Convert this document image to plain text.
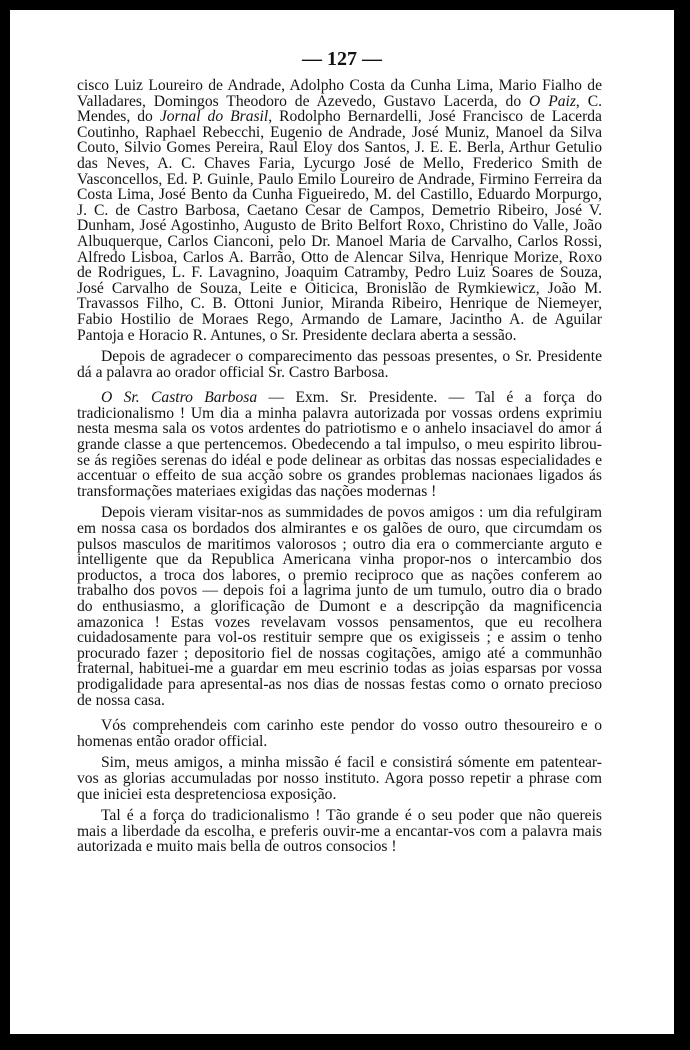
— 127 —

cisco Luiz Loureiro de Andrade, Adolpho Costa da Cunha Lima, Mario Fialho de Valladares, Domingos Theodoro de Azevedo, Gustavo Lacerda, do O Paiz, C. Mendes, do Jornal do Brasil, Rodolpho Bernardelli, José Francisco de Lacerda Coutinho, Raphael Rebecchi, Eugenio de Andrade, José Muniz, Manoel da Silva Couto, Silvio Gomes Pereira, Raul Eloy dos Santos, J. E. E. Berla, Arthur Getulio das Neves, A. C. Chaves Faria, Lycurgo José de Mello, Frederico Smith de Vasconcellos, Ed. P. Guinle, Paulo Emilo Loureiro de Andrade, Firmino Ferreira da Costa Lima, José Bento da Cunha Figueiredo, M. del Castillo, Eduardo Morpurgo, J. C. de Castro Barbosa, Caetano Cesar de Campos, Demetrio Ribeiro, José V. Dunham, José Agostinho, Augusto de Brito Belfort Roxo, Christino do Valle, João Albuquerque, Carlos Cianconi, pelo Dr. Manoel Maria de Carvalho, Carlos Rossi, Alfredo Lisboa, Carlos A. Barrão, Otto de Alencar Silva, Henrique Morize, Roxo de Rodrigues, L. F. Lavagnino, Joaquim Catramby, Pedro Luiz Soares de Souza, José Carvalho de Souza, Leite e Oiticica, Bronislão de Rymkiewicz, João M. Travassos Filho, C. B. Ottoni Junior, Miranda Ribeiro, Henrique de Niemeyer, Fabio Hostilio de Moraes Rego, Armando de Lamare, Jacintho A. de Aguilar Pantoja e Horacio R. Antunes, o Sr. Presidente declara aberta a sessão.

Depois de agradecer o comparecimento das pessoas presentes, o Sr. Presidente dá a palavra ao orador official Sr. Castro Barbosa.

O Sr. Castro Barbosa — Exm. Sr. Presidente. — Tal é a força do tradicionalismo ! Um dia a minha palavra autorizada por vossas ordens exprimiu nesta mesma sala os votos ardentes do patriotismo e o anhelo insaciavel do amor á grande classe a que pertencemos. Obedecendo a tal impulso, o meu espirito librou-se ás regiões serenas do idéal e pode delinear as orbitas das nossas especialidades e accentuar o effeito de sua acção sobre os grandes problemas nacionaes ligados ás transformações materiaes exigidas das nações modernas !

Depois vieram visitar-nos as summidades de povos amigos : um dia refulgiram em nossa casa os bordados dos almirantes e os galões de ouro, que circumdam os pulsos masculos de maritimos valorosos ; outro dia era o commerciante arguto e intelligente que da Republica Americana vinha propor-nos o intercambio dos productos, a troca dos labores, o premio reciproco que as nações conferem ao trabalho dos povos — depois foi a lagrima junto de um tumulo, outro dia o brado do enthusiasmo, a glorificação de Dumont e a descripção da magnificencia amazonica ! Estas vozes revelavam vossos pensamentos, que eu recolhera cuidadosamente para vol-os restituir sempre que os exigisseis ; e assim o tenho procurado fazer ; depositorio fiel de nossas cogitações, amigo até a communhão fraternal, habituei-me a guardar em meu escrinio todas as joias esparsas por vossa prodigalidade para apresental-as nos dias de nossas festas como o ornato precioso de nossa casa.

Vós comprehendeis com carinho este pendor do vosso outro thesoureiro e o homenas então orador official.

Sim, meus amigos, a minha missão é facil e consistirá sómente em patentear-vos as glorias accumuladas por nosso instituto. Agora posso repetir a phrase com que iniciei esta despretenciosa exposição.

Tal é a força do tradicionalismo ! Tão grande é o seu poder que não quereis mais a liberdade da escolha, e preferis ouvir-me a encantar-vos com a palavra mais autorizada e muito mais bella de outros consocios !
